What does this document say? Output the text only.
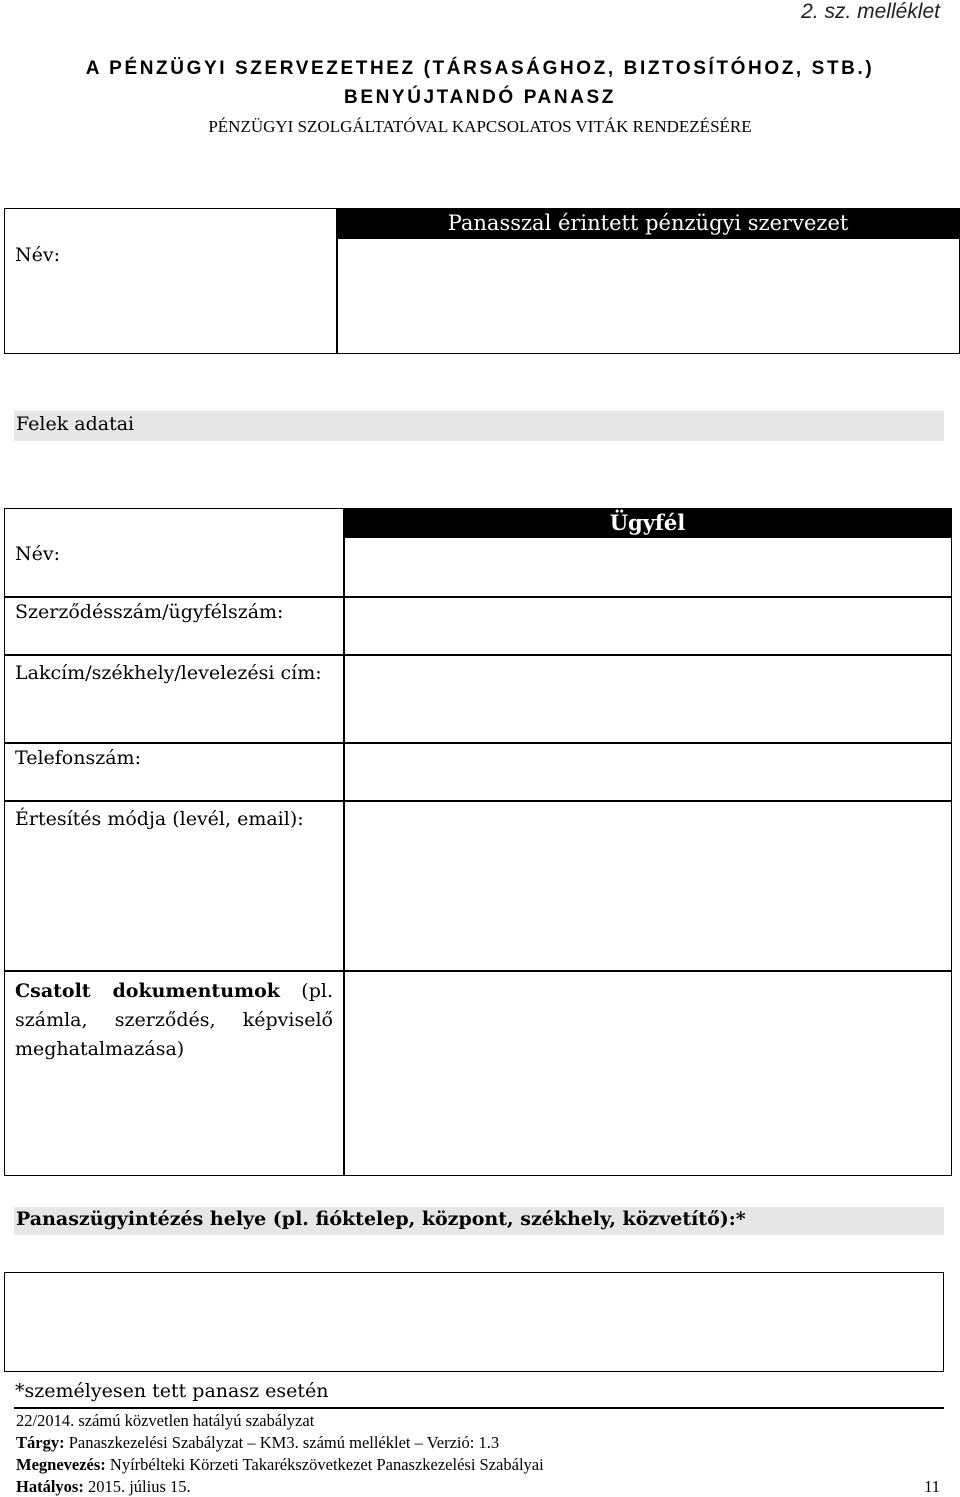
2. sz. melléklet
A PÉNZÜGYI SZERVEZETHEZ (TÁRSASÁGHOZ, BIZTOSÍTÓHOZ, STB.)
BENYÚJTANDÓ PANASZ
PÉNZÜGYI SZOLGÁLTATÓVAL KAPCSOLATOS VITÁK RENDEZÉSÉRE
Panasszal érintett pénzügyi szervezet
Név:
Felek adatai
Ügyfél
Név:
Szerződésszám/ügyfélszám:
Lakcím/székhely/levelezési cím:
Telefonszám:
Értesítés módja (levél, email):
Csatolt dokumentumok (pl. számla, szerződés, képviselő meghatalmazása)
Panaszügyintézés helye (pl. fióktelep, központ, székhely, közvetítő):*
*személyesen tett panasz esetén
22/2014. számú közvetlen hatályú szabályzat
Tárgy: Panaszkezelési Szabályzat – KM3. számú melléklet – Verzió: 1.3
Megnevezés: Nyírbélteki Körzeti Takarékszövetkezet Panaszkezelési Szabályai
Hatályos: 2015. július 15.	11
